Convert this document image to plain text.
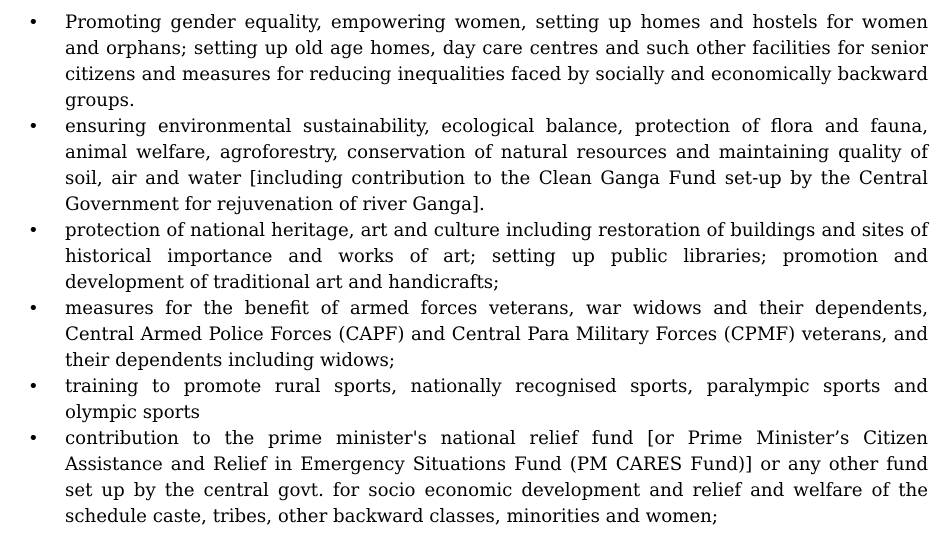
• Promoting gender equality, empowering women, setting up homes and hostels for women and orphans; setting up old age homes, day care centres and such other facilities for senior citizens and measures for reducing inequalities faced by socially and economically backward groups.
• ensuring environmental sustainability, ecological balance, protection of flora and fauna, animal welfare, agroforestry, conservation of natural resources and maintaining quality of soil, air and water [including contribution to the Clean Ganga Fund set-up by the Central Government for rejuvenation of river Ganga].
• protection of national heritage, art and culture including restoration of buildings and sites of historical importance and works of art; setting up public libraries; promotion and development of traditional art and handicrafts;
• measures for the benefit of armed forces veterans, war widows and their dependents, Central Armed Police Forces (CAPF) and Central Para Military Forces (CPMF) veterans, and their dependents including widows;
• training to promote rural sports, nationally recognised sports, paralympic sports and olympic sports
• contribution to the prime minister's national relief fund [or Prime Minister’s Citizen Assistance and Relief in Emergency Situations Fund (PM CARES Fund)] or any other fund set up by the central govt. for socio economic development and relief and welfare of the schedule caste, tribes, other backward classes, minorities and women;
